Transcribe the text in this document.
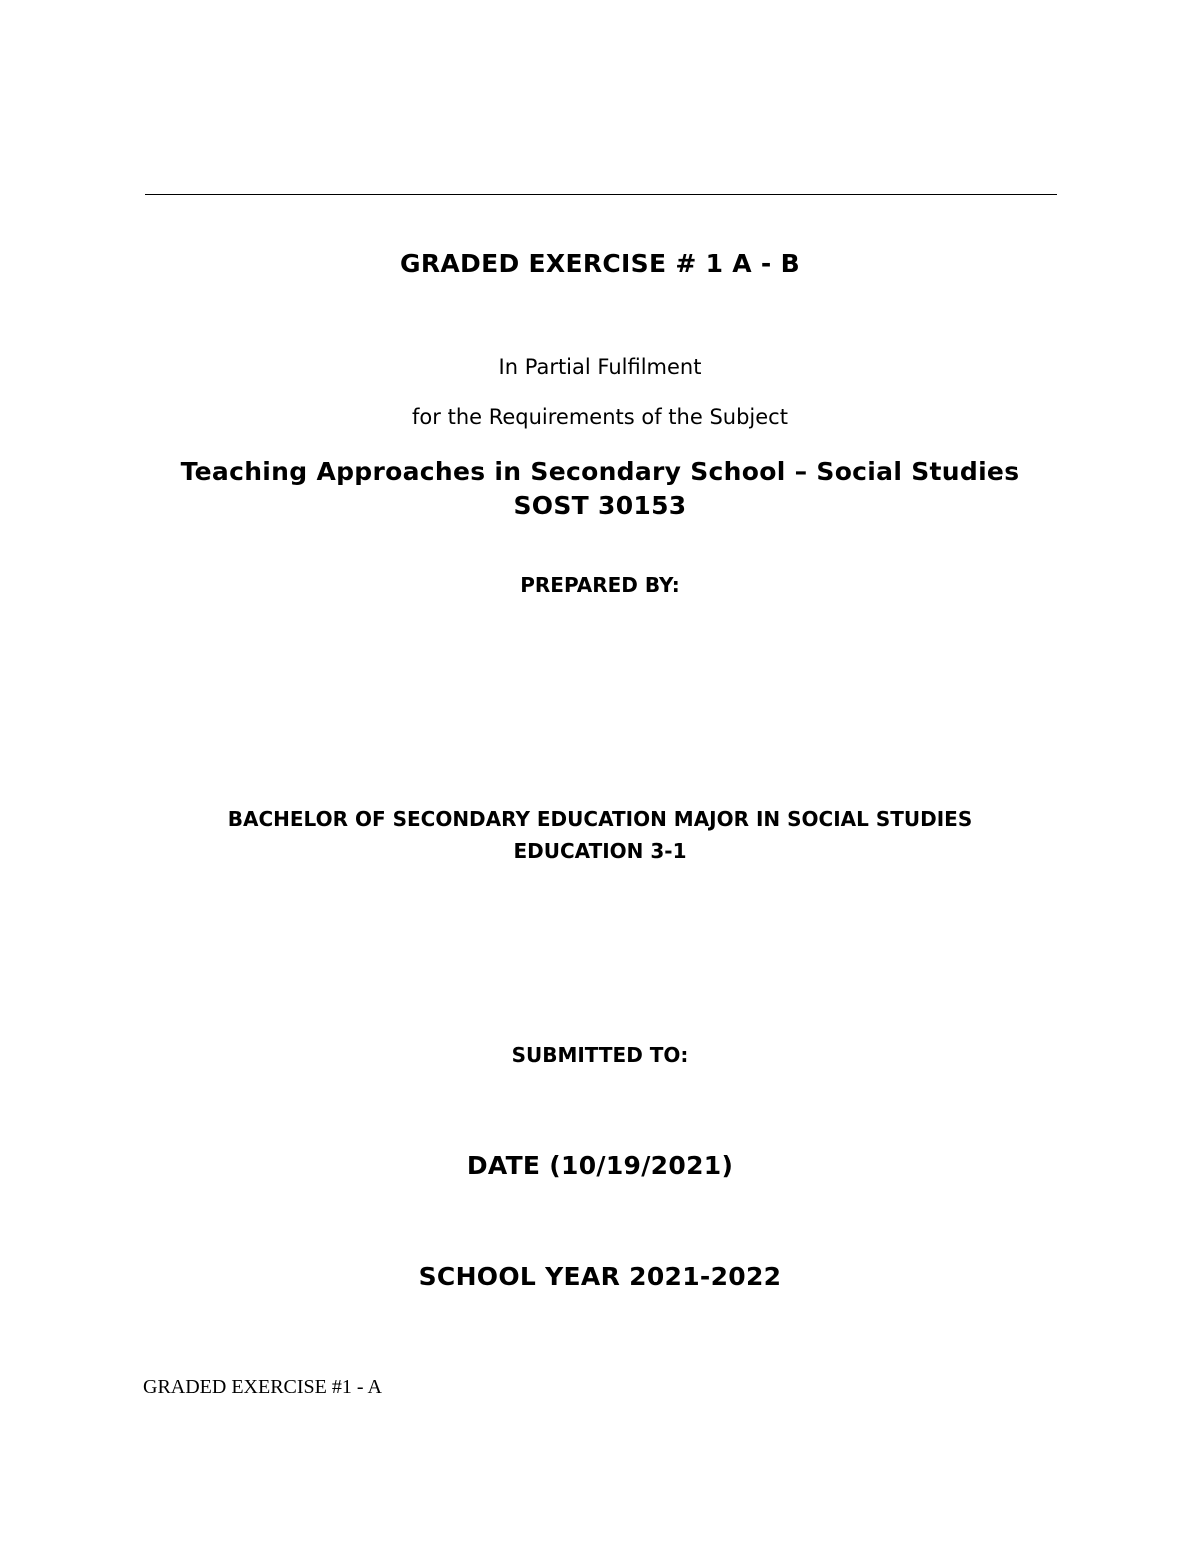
GRADED EXERCISE # 1 A - B
In Partial Fulfilment
for the Requirements of the Subject
Teaching Approaches in Secondary School – Social Studies
SOST 30153
PREPARED BY:
BACHELOR OF SECONDARY EDUCATION MAJOR IN SOCIAL STUDIES
EDUCATION 3-1
SUBMITTED TO:
DATE (10/19/2021)
SCHOOL YEAR 2021-2022
GRADED EXERCISE #1 - A
